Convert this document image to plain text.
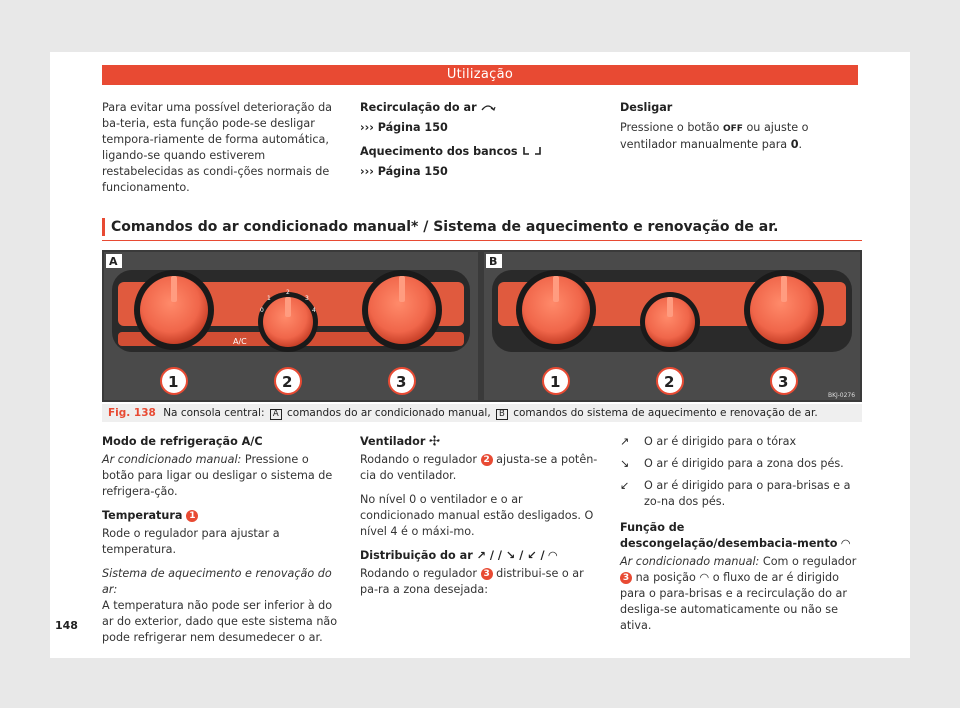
Utilização

Para evitar uma possível deterioração da ba-teria, esta função pode-se desligar tempora-riamente de forma automática, ligando-se quando estiverem restabelecidas as condi-ções normais de funcionamento.

Recirculação do ar

››› Página 150

Aquecimento dos bancos

››› Página 150

Desligar

Pressione o botão OFF ou ajuste o ventilador manualmente para 0.

Comandos do ar condicionado manual* / Sistema de aquecimento e renovação de ar.
A/C
0
1
2
3
4
A
1	2	3
B
1	2	3
BKJ-0276
Fig. 138 Na consola central: A comandos do ar condicionado manual, B comandos do sistema de aquecimento e renovação de ar.

Modo de refrigeração A/C

Ar condicionado manual: Pressione o botão para ligar ou desligar o sistema de refrigera-ção.

Temperatura 1

Rode o regulador para ajustar a temperatura.

Sistema de aquecimento e renovação do ar:

A temperatura não pode ser inferior à do ar do exterior, dado que este sistema não pode refrigerar nem desumedecer o ar.

Ventilador

Rodando o regulador 2 ajusta-se a potên-cia do ventilador.

No nível 0 o ventilador e o ar condicionado manual estão desligados. O nível 4 é o máxi-mo.

Distribuição do ar ↗ / / ↘ / ↙ / ◠

Rodando o regulador 3 distribui-se o ar pa-ra a zona desejada:

↗	O ar é dirigido para o tórax
↘	O ar é dirigido para a zona dos pés.
↙	O ar é dirigido para o para-brisas e a zo-na dos pés.

Função de descongelação/desembacia-mento ◠

Ar condicionado manual: Com o regulador 3 na posição ◠ o fluxo de ar é dirigido para o para-brisas e a recirculação do ar desliga-se automaticamente ou não se ativa.

148
